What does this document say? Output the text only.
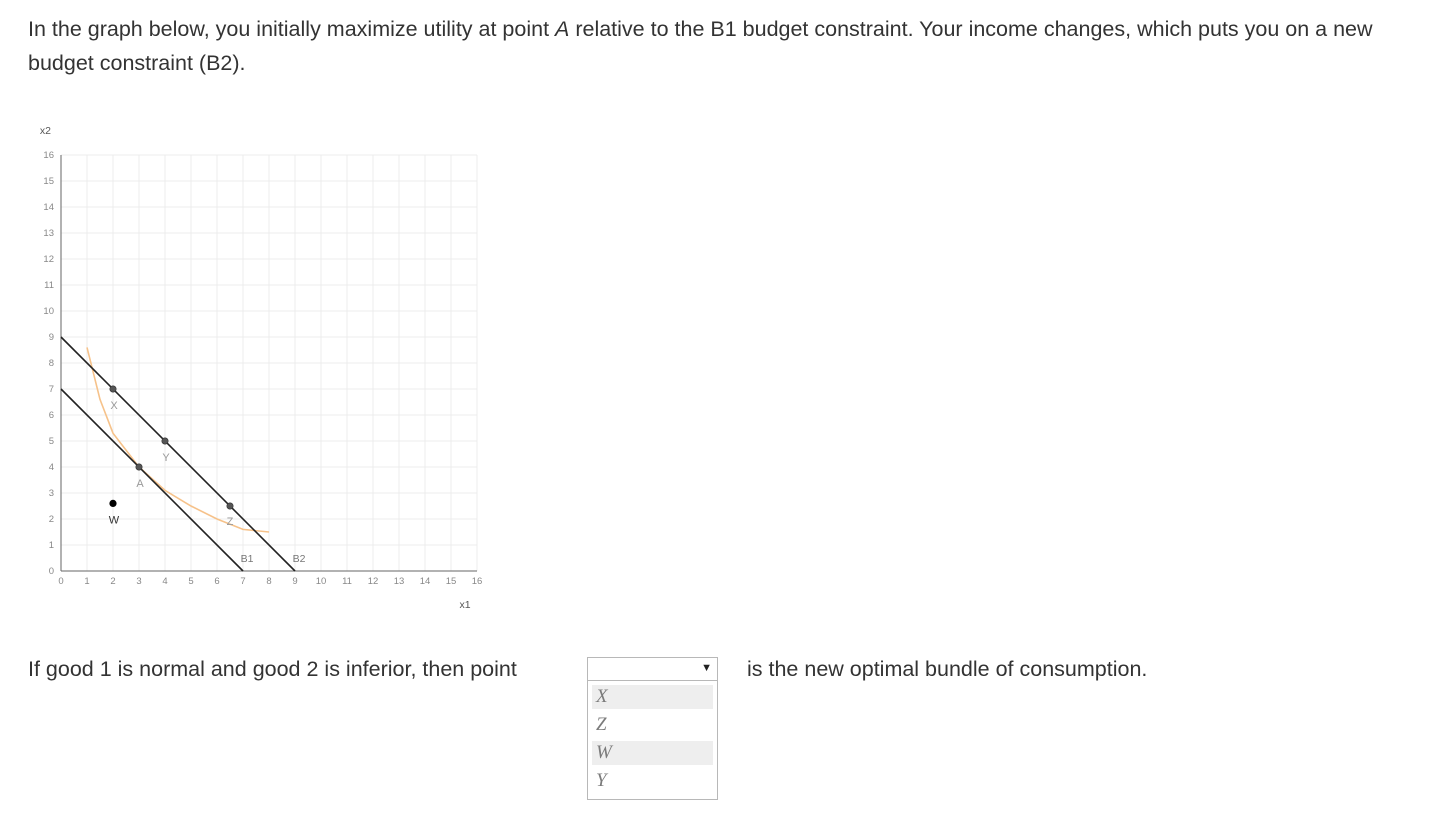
In the graph below, you initially maximize utility at point A relative to the B1 budget constraint. Your income changes, which puts you on a new budget constraint (B2).

0 1 2 3 4 5 6 7 8 9 10 11 12 13 14 15 16
0
1
2
3
4
5
6
7
8
9
10
11
12
13
14
15
16
x2
x1
B1	B2
X
Y
A
Z
W
If good 1 is normal and good 2 is inferior, then point	is the new optimal bundle of consumption.
▼
X
Z
W
Y
